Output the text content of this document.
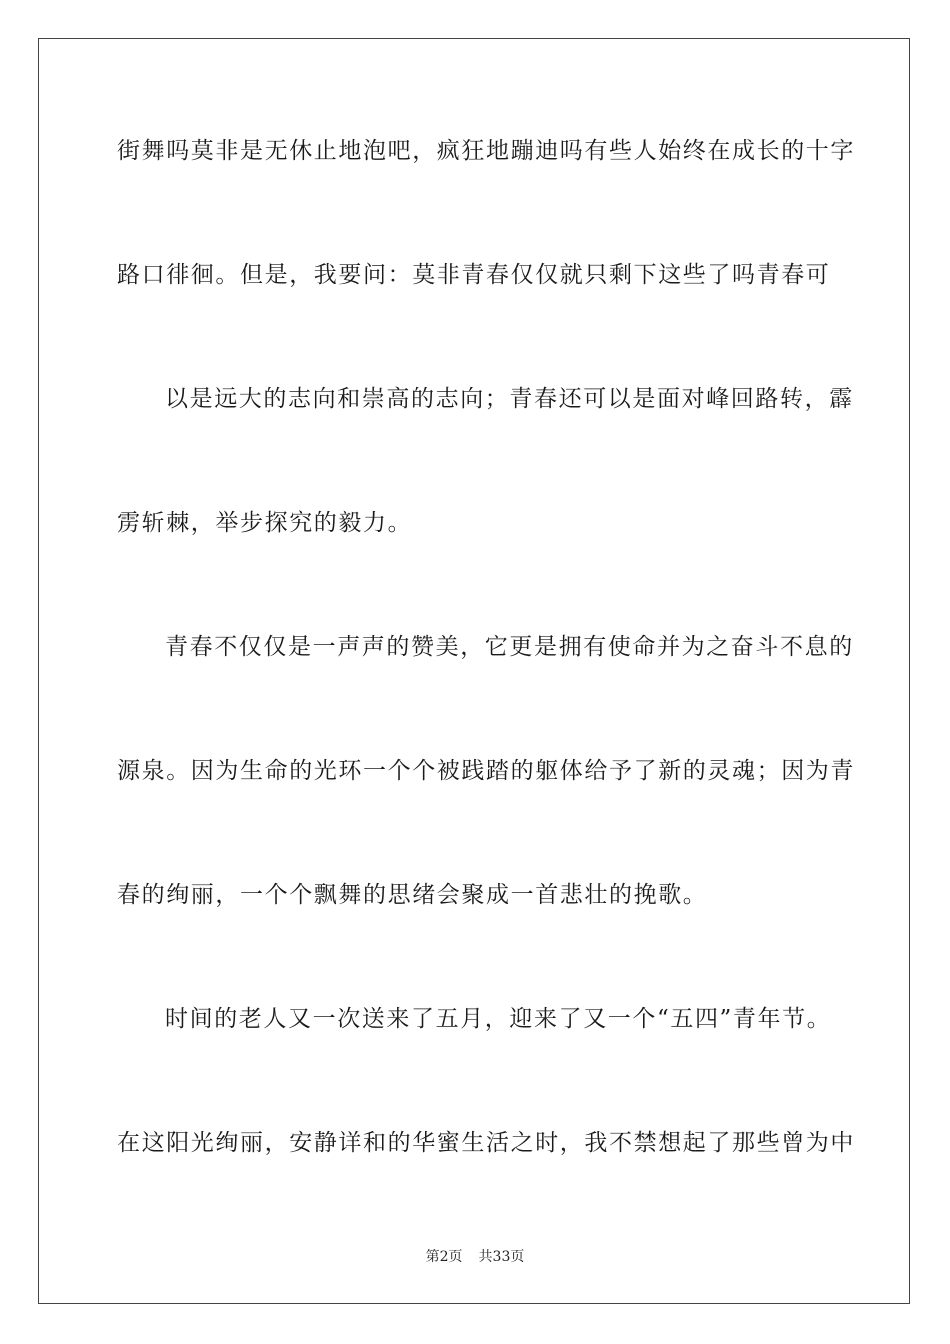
街舞吗莫非是无休止地泡吧，疯狂地蹦迪吗有些人始终在成长的十字
路口徘徊。但是，我要问：莫非青春仅仅就只剩下这些了吗青春可
以是远大的志向和崇高的志向；青春还可以是面对峰回路转，霹
雳斩棘，举步探究的毅力。
青春不仅仅是一声声的赞美，它更是拥有使命并为之奋斗不息的
源泉。因为生命的光环一个个被践踏的躯体给予了新的灵魂；因为青
春的绚丽，一个个飘舞的思绪会聚成一首悲壮的挽歌。
时间的老人又一次送来了五月，迎来了又一个“五四”青年节。
在这阳光绚丽，安静详和的华蜜生活之时，我不禁想起了那些曾为中
第2页 共33页
